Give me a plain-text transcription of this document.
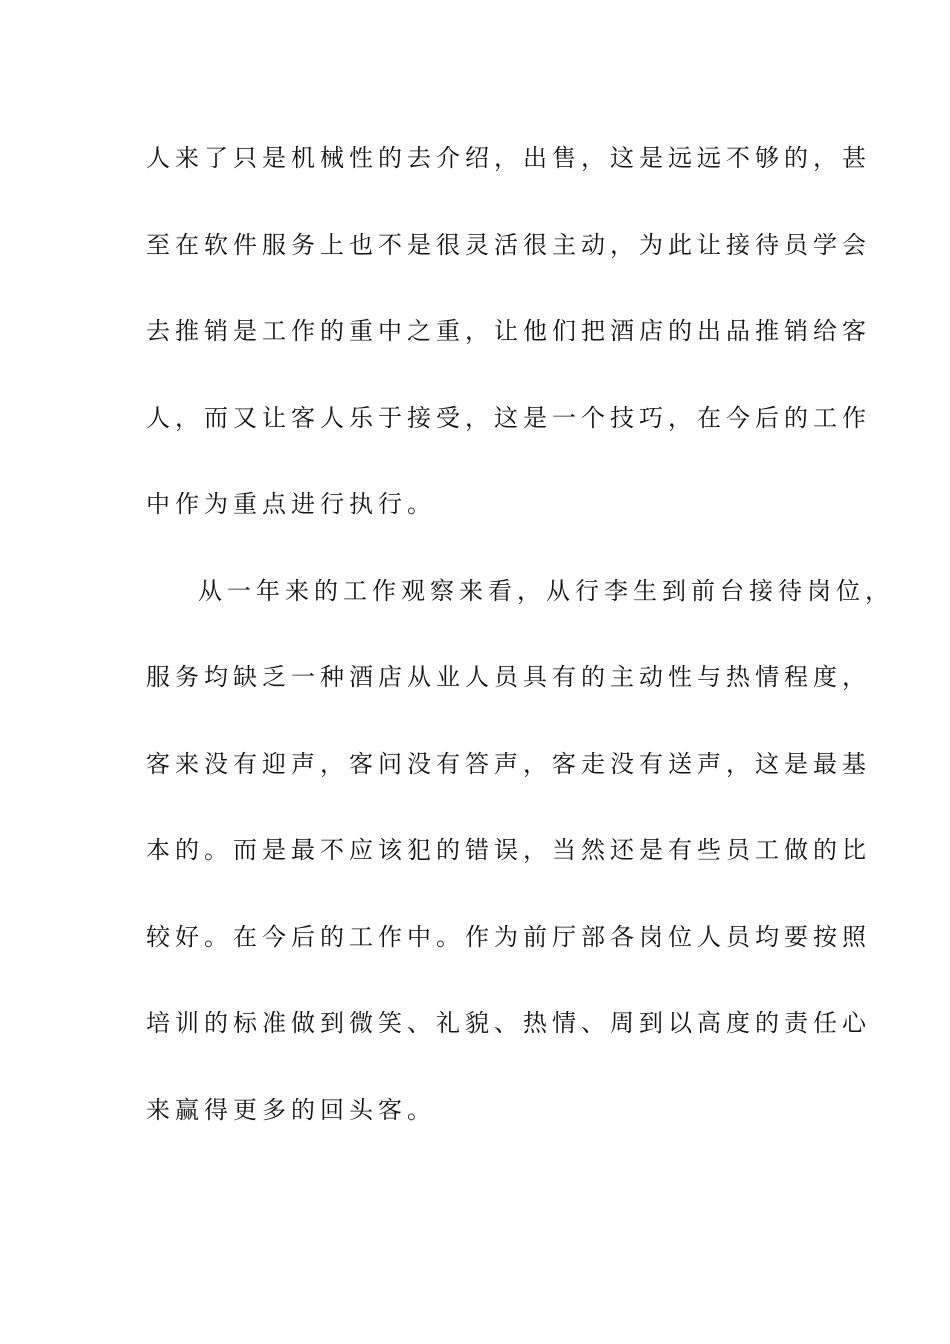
人来了只是机械性的去介绍，出售，这是远远不够的，甚
至在软件服务上也不是很灵活很主动，为此让接待员学会
去推销是工作的重中之重，让他们把酒店的出品推销给客
人，而又让客人乐于接受，这是一个技巧，在今后的工作
中作为重点进行执行。
从一年来的工作观察来看，从行李生到前台接待岗位，
服务均缺乏一种酒店从业人员具有的主动性与热情程度，
客来没有迎声，客问没有答声，客走没有送声，这是最基
本的。而是最不应该犯的错误，当然还是有些员工做的比
较好。在今后的工作中。作为前厅部各岗位人员均要按照
培训的标准做到微笑、礼貌、热情、周到以高度的责任心
来赢得更多的回头客。
